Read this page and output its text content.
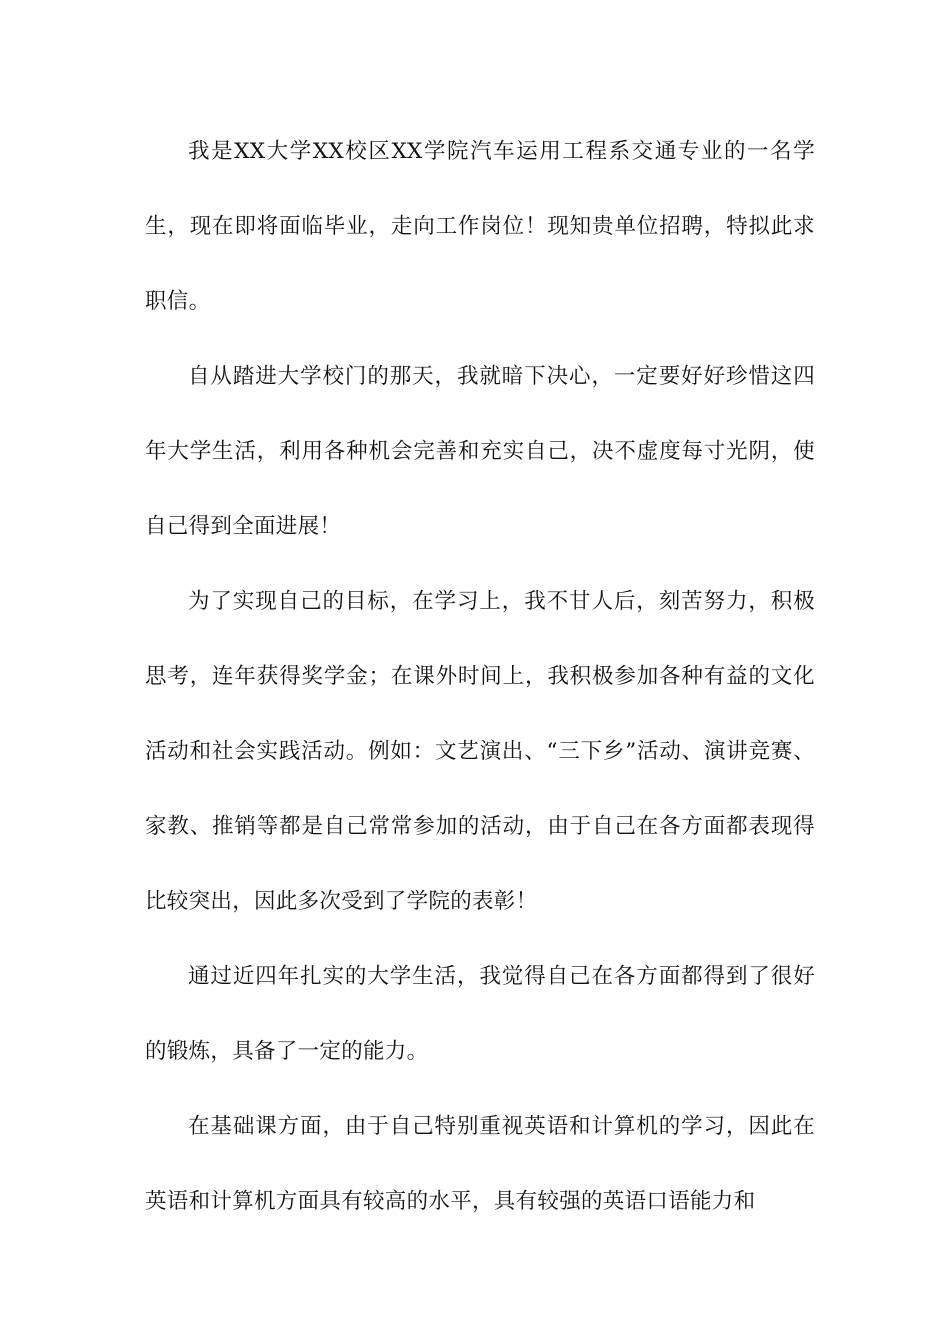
我是XX大学XX校区XX学院汽车运用工程系交通专业的一名学生，现在即将面临毕业，走向工作岗位！现知贵单位招聘，特拟此求职信。

自从踏进大学校门的那天，我就暗下决心，一定要好好珍惜这四年大学生活，利用各种机会完善和充实自己，决不虚度每寸光阴，使自己得到全面进展！

为了实现自己的目标，在学习上，我不甘人后，刻苦努力，积极思考，连年获得奖学金；在课外时间上，我积极参加各种有益的文化活动和社会实践活动。例如：文艺演出、“三下乡”活动、演讲竞赛、家教、推销等都是自己常常参加的活动，由于自己在各方面都表现得比较突出，因此多次受到了学院的表彰！

通过近四年扎实的大学生活，我觉得自己在各方面都得到了很好的锻炼，具备了一定的能力。

在基础课方面，由于自己特别重视英语和计算机的学习，因此在英语和计算机方面具有较高的水平，具有较强的英语口语能力和
